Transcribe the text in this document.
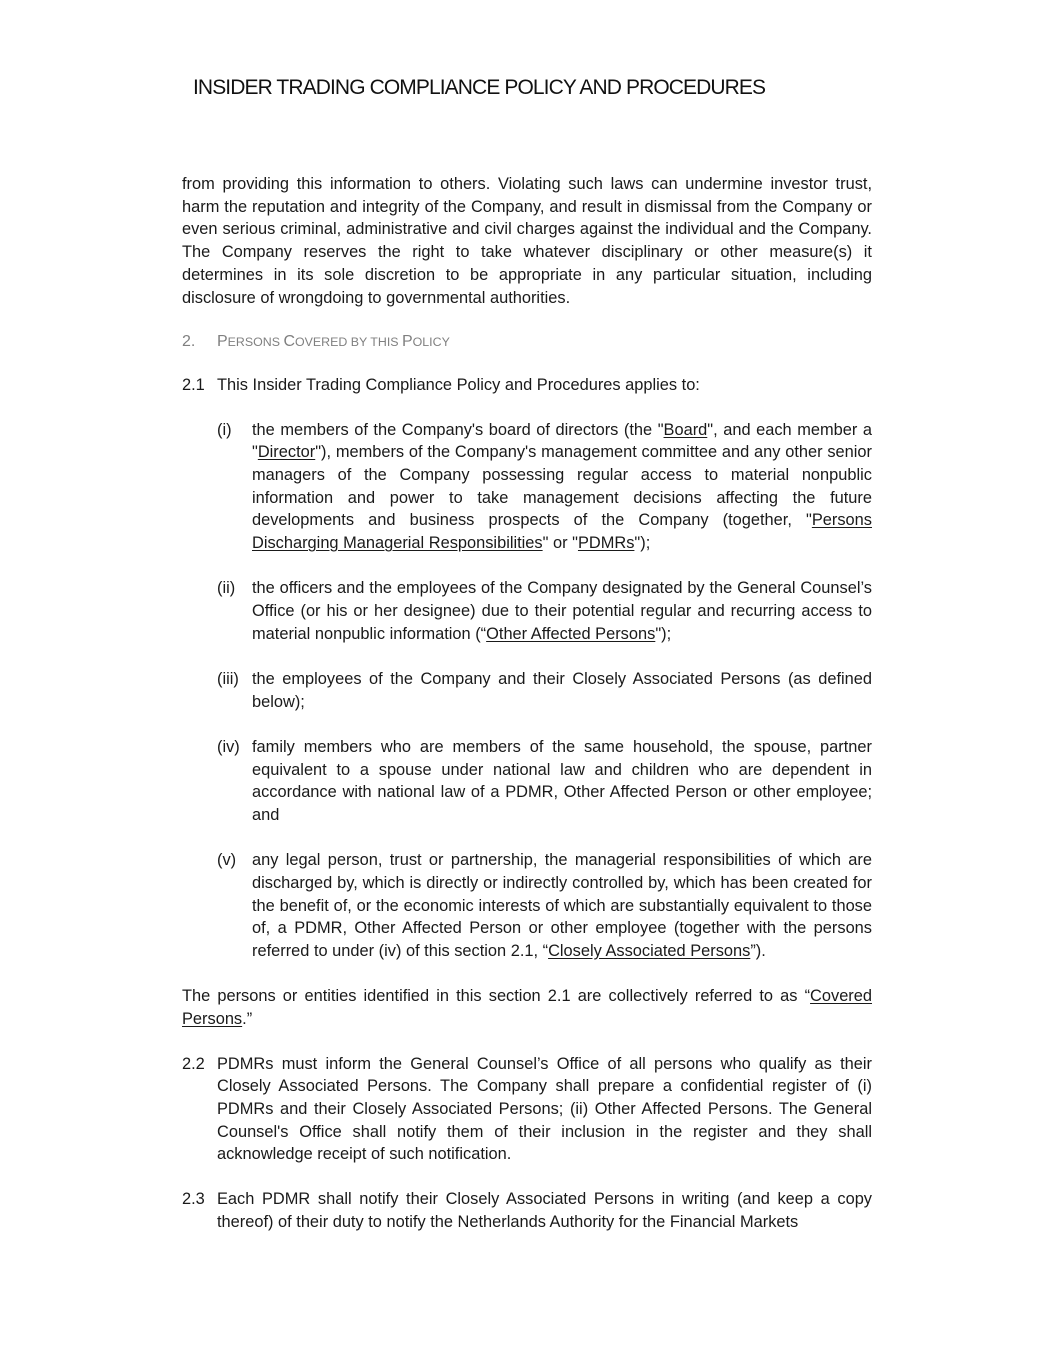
INSIDER TRADING COMPLIANCE POLICY AND PROCEDURES

from providing this information to others. Violating such laws can undermine investor trust, harm the reputation and integrity of the Company, and result in dismissal from the Company or even serious criminal, administrative and civil charges against the individual and the Company. The Company reserves the right to take whatever disciplinary or other measure(s) it determines in its sole discretion to be appropriate in any particular situation, including disclosure of wrongdoing to governmental authorities.

2. PERSONS COVERED BY THIS POLICY

2.1 This Insider Trading Compliance Policy and Procedures applies to:
(i)	the members of the Company's board of directors (the "Board", and each member a "Director"), members of the Company's management committee and any other senior managers of the Company possessing regular access to material nonpublic information and power to take management decisions affecting the future developments and business prospects of the Company (together, "Persons Discharging Managerial Responsibilities" or "PDMRs");
(ii)	the officers and the employees of the Company designated by the General Counsel’s Office (or his or her designee) due to their potential regular and recurring access to material nonpublic information (“Other Affected Persons");
(iii) the employees of the Company and their Closely Associated Persons (as defined below);
(iv) family members who are members of the same household, the spouse, partner equivalent to a spouse under national law and children who are dependent in accordance with national law of a PDMR, Other Affected Person or other employee; and
(v) any legal person, trust or partnership, the managerial responsibilities of which are discharged by, which is directly or indirectly controlled by, which has been created for the benefit of, or the economic interests of which are substantially equivalent to those of, a PDMR, Other Affected Person or other employee (together with the persons referred to under (iv) of this section 2.1, “Closely Associated Persons”).

The persons or entities identified in this section 2.1 are collectively referred to as “Covered Persons.”

2.2 PDMRs must inform the General Counsel’s Office of all persons who qualify as their Closely Associated Persons. The Company shall prepare a confidential register of (i) PDMRs and their Closely Associated Persons; (ii) Other Affected Persons. The General Counsel's Office shall notify them of their inclusion in the register and they shall acknowledge receipt of such notification.
2.3 Each PDMR shall notify their Closely Associated Persons in writing (and keep a copy thereof) of their duty to notify the Netherlands Authority for the Financial Markets
